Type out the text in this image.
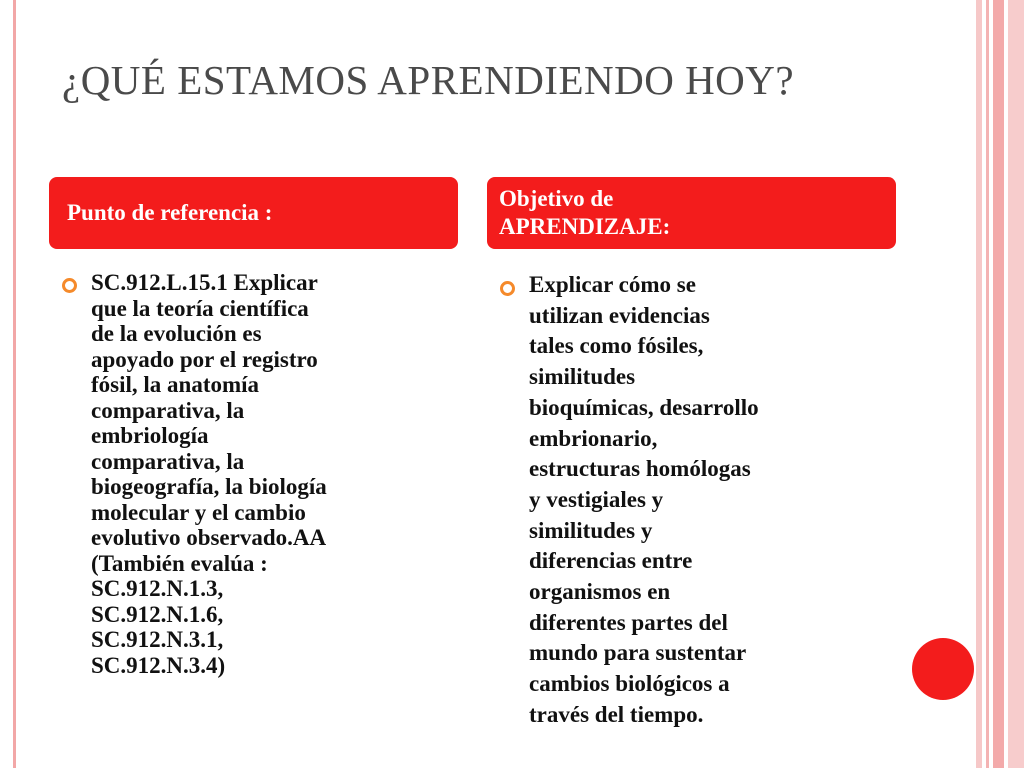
¿QUÉ ESTAMOS APRENDIENDO HOY?
Punto de referencia :
Objetivo de
APRENDIZAJE:
SC.912.L.15.1 Explicar
que la teoría científica
de la evolución es
apoyado por el registro
fósil, la anatomía
comparativa, la
embriología
comparativa, la
biogeografía, la biología
molecular y el cambio
evolutivo observado.AA
(También evalúa :
SC.912.N.1.3,
SC.912.N.1.6,
SC.912.N.3.1,
SC.912.N.3.4)
Explicar cómo se
utilizan evidencias
tales como fósiles,
similitudes
bioquímicas, desarrollo
embrionario,
estructuras homólogas
y vestigiales y
similitudes y
diferencias entre
organismos en
diferentes partes del
mundo para sustentar
cambios biológicos a
través del tiempo.
